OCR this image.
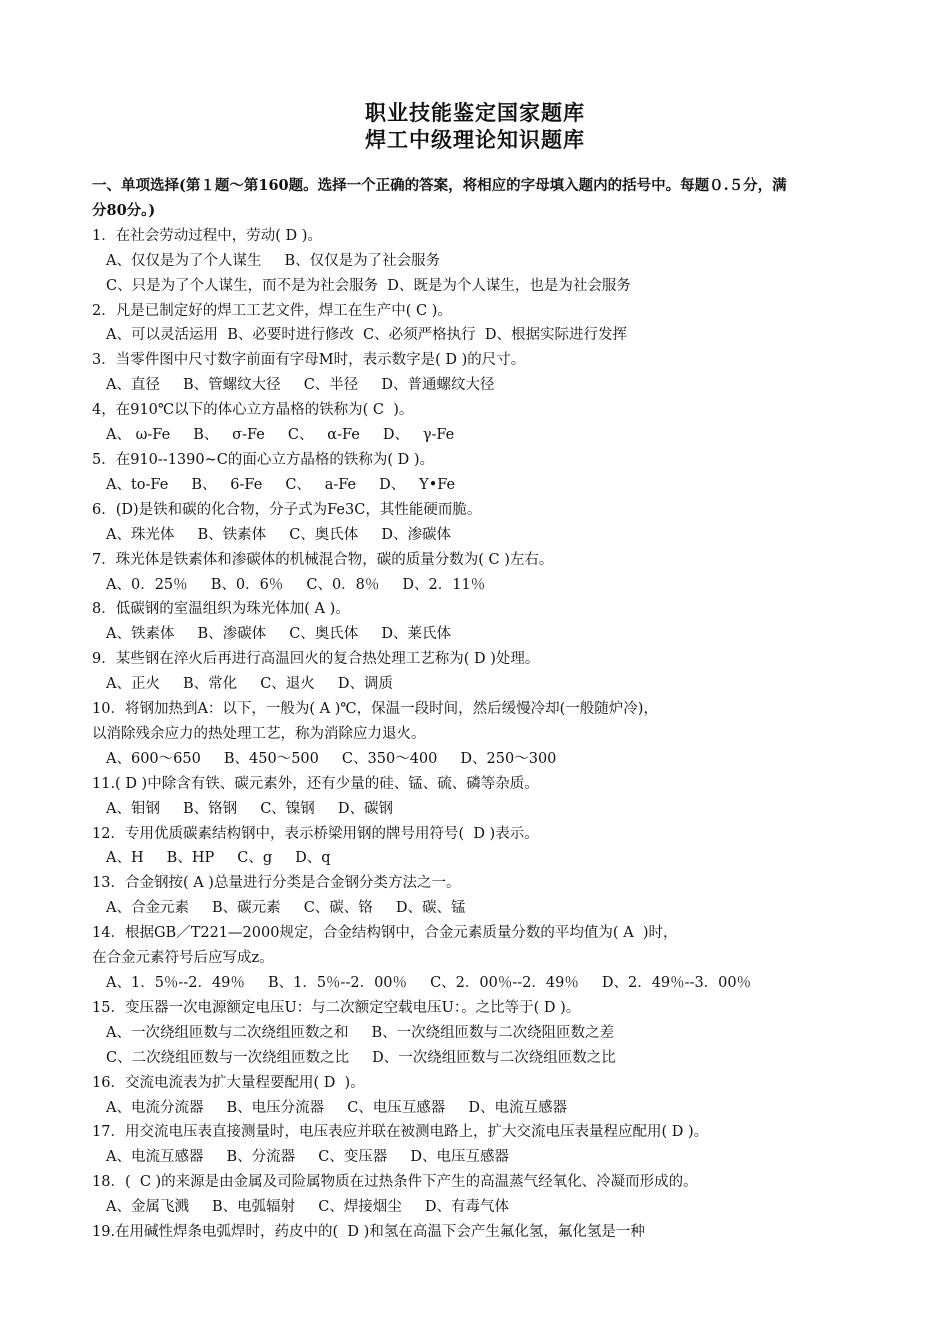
职业技能鉴定国家题库
焊工中级理论知识题库

一、单项选择(第１题～第160题。选择一个正确的答案，将相应的字母填入题内的括号中。每题０.５分，满

分80分。)

1．在社会劳动过程中，劳动( D )。

A、仅仅是为了个人谋生     B、仅仅是为了社会服务

C、只是为了个人谋生，而不是为社会服务  D、既是为个人谋生，也是为社会服务

2．凡是已制定好的焊工工艺文件，焊工在生产中( C )。

A、可以灵活运用  B、必要时进行修改  C、必须严格执行  D、根据实际进行发挥

3．当零件图中尺寸数字前面有字母M时，表示数字是( D )的尺寸。

A、直径     B、管螺纹大径     C、半径     D、普通螺纹大径

4，在910℃以下的体心立方晶格的铁称为( C  )。

A、 ω-Fe     B、   σ-Fe     C、   α-Fe     D、   γ-Fe

5．在910--1390~C的面心立方晶格的铁称为( D )。

A、to-Fe     B、   6-Fe     C、   a-Fe     D、   Y•Fe

6．(D)是铁和碳的化合物，分子式为Fe3C，其性能硬而脆。

A、珠光体     B、铁素体     C、奥氏体     D、渗碳体

7．珠光体是铁素体和渗碳体的机械混合物，碳的质量分数为( C )左右。

A、0．25％     B、0．6％     C、0．8％     D、2．11％

8．低碳钢的室温组织为珠光体加( A )。

A、铁素体     B、渗碳体     C、奥氏体     D、莱氏体

9．某些钢在淬火后再进行高温回火的复合热处理工艺称为( D )处理。

A、正火     B、常化     C、退火     D、调质

10．将钢加热到A：以下，一般为( A )℃，保温一段时间，然后缓慢冷却(一般随炉冷)，

以消除残余应力的热处理工艺，称为消除应力退火。

A、600～650     B、450～500     C、350～400     D、250～300

11.( D )中除含有铁、碳元素外，还有少量的硅、锰、硫、磷等杂质。

A、钼钢     B、铬钢     C、镍钢     D、碳钢

12．专用优质碳素结构钢中，表示桥梁用钢的牌号用符号(  D )表示。

A、H     B、HP     C、g     D、q

13．合金钢按( A )总量进行分类是合金钢分类方法之一。

A、合金元素     B、碳元素     C、碳、铬     D、碳、锰

14．根据GB／T221—2000规定，合金结构钢中，合金元素质量分数的平均值为( A  )时，

在合金元素符号后应写成z。

A、1．5％--2．49％     B、1．5％--2．00％     C、2．00％--2．49％     D、2．49％--3．00％

15．变压器一次电源额定电压U：与二次额定空载电压U：。之比等于( D )。

A、一次绕组匝数与二次绕组匝数之和     B、一次绕组匝数与二次绕阻匝数之差

C、二次绕组匝数与一次绕组匝数之比     D、一次绕组匝数与二次绕组匝数之比

16．交流电流表为扩大量程要配用( D  )。

A、电流分流器     B、电压分流器     C、电压互感器     D、电流互感器

17．用交流电压表直接测量时，电压表应并联在被测电路上，扩大交流电压表量程应配用( D )。

A、电流互感器     B、分流器     C、变压器     D、电压互感器

18．(  C )的来源是由金属及司险属物质在过热条件下产生的高温蒸气经氧化、冷凝而形成的。

A、金属飞溅     B、电弧辐射     C、焊接烟尘     D、有毒气体

19.在用碱性焊条电弧焊时，药皮中的(  D )和氢在高温下会产生氟化氢，氟化氢是一种
